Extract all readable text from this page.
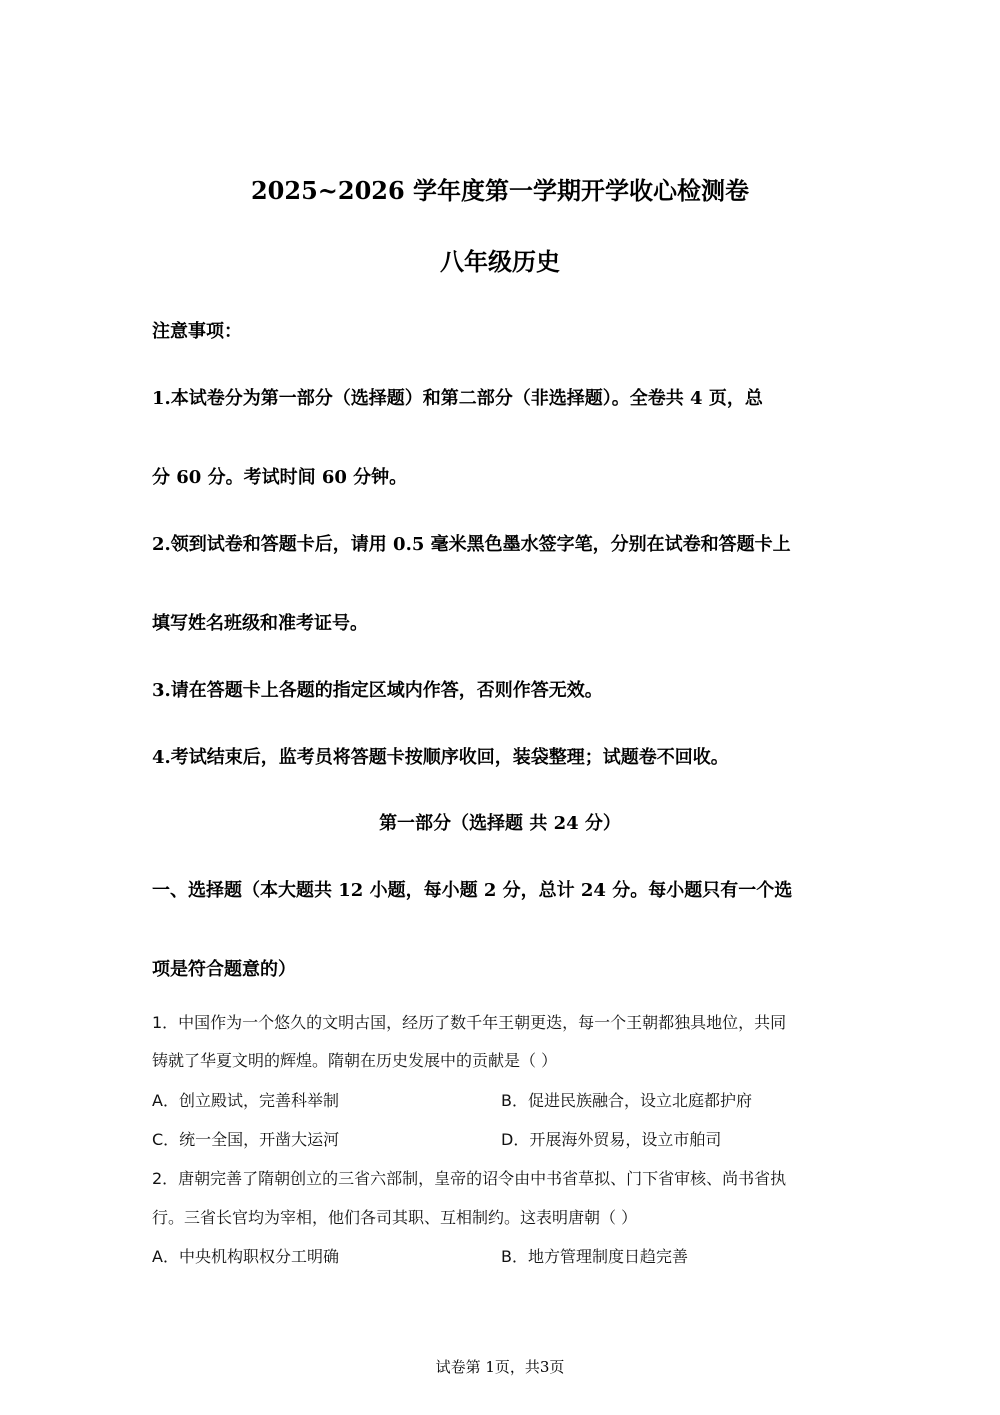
2025~2026 学年度第一学期开学收心检测卷
八年级历史
注意事项：
1.本试卷分为第一部分（选择题）和第二部分（非选择题）。全卷共 4 页，总
分 60 分。考试时间 60 分钟。
2.领到试卷和答题卡后，请用 0.5 毫米黑色墨水签字笔，分别在试卷和答题卡上
填写姓名班级和准考证号。
3.请在答题卡上各题的指定区域内作答，否则作答无效。
4.考试结束后，监考员将答题卡按顺序收回，装袋整理；试题卷不回收。
第一部分（选择题 共 24 分）
一、选择题（本大题共 12 小题，每小题 2 分，总计 24 分。每小题只有一个选
项是符合题意的）
1．中国作为一个悠久的文明古国，经历了数千年王朝更迭，每一个王朝都独具地位，共同
铸就了华夏文明的辉煌。隋朝在历史发展中的贡献是（ ）
A．创立殿试，完善科举制	B．促进民族融合，设立北庭都护府
C．统一全国，开凿大运河	D．开展海外贸易，设立市舶司
2．唐朝完善了隋朝创立的三省六部制，皇帝的诏令由中书省草拟、门下省审核、尚书省执
行。三省长官均为宰相，他们各司其职、互相制约。这表明唐朝（ ）
A．中央机构职权分工明确	B．地方管理制度日趋完善
试卷第 1页，共3页
